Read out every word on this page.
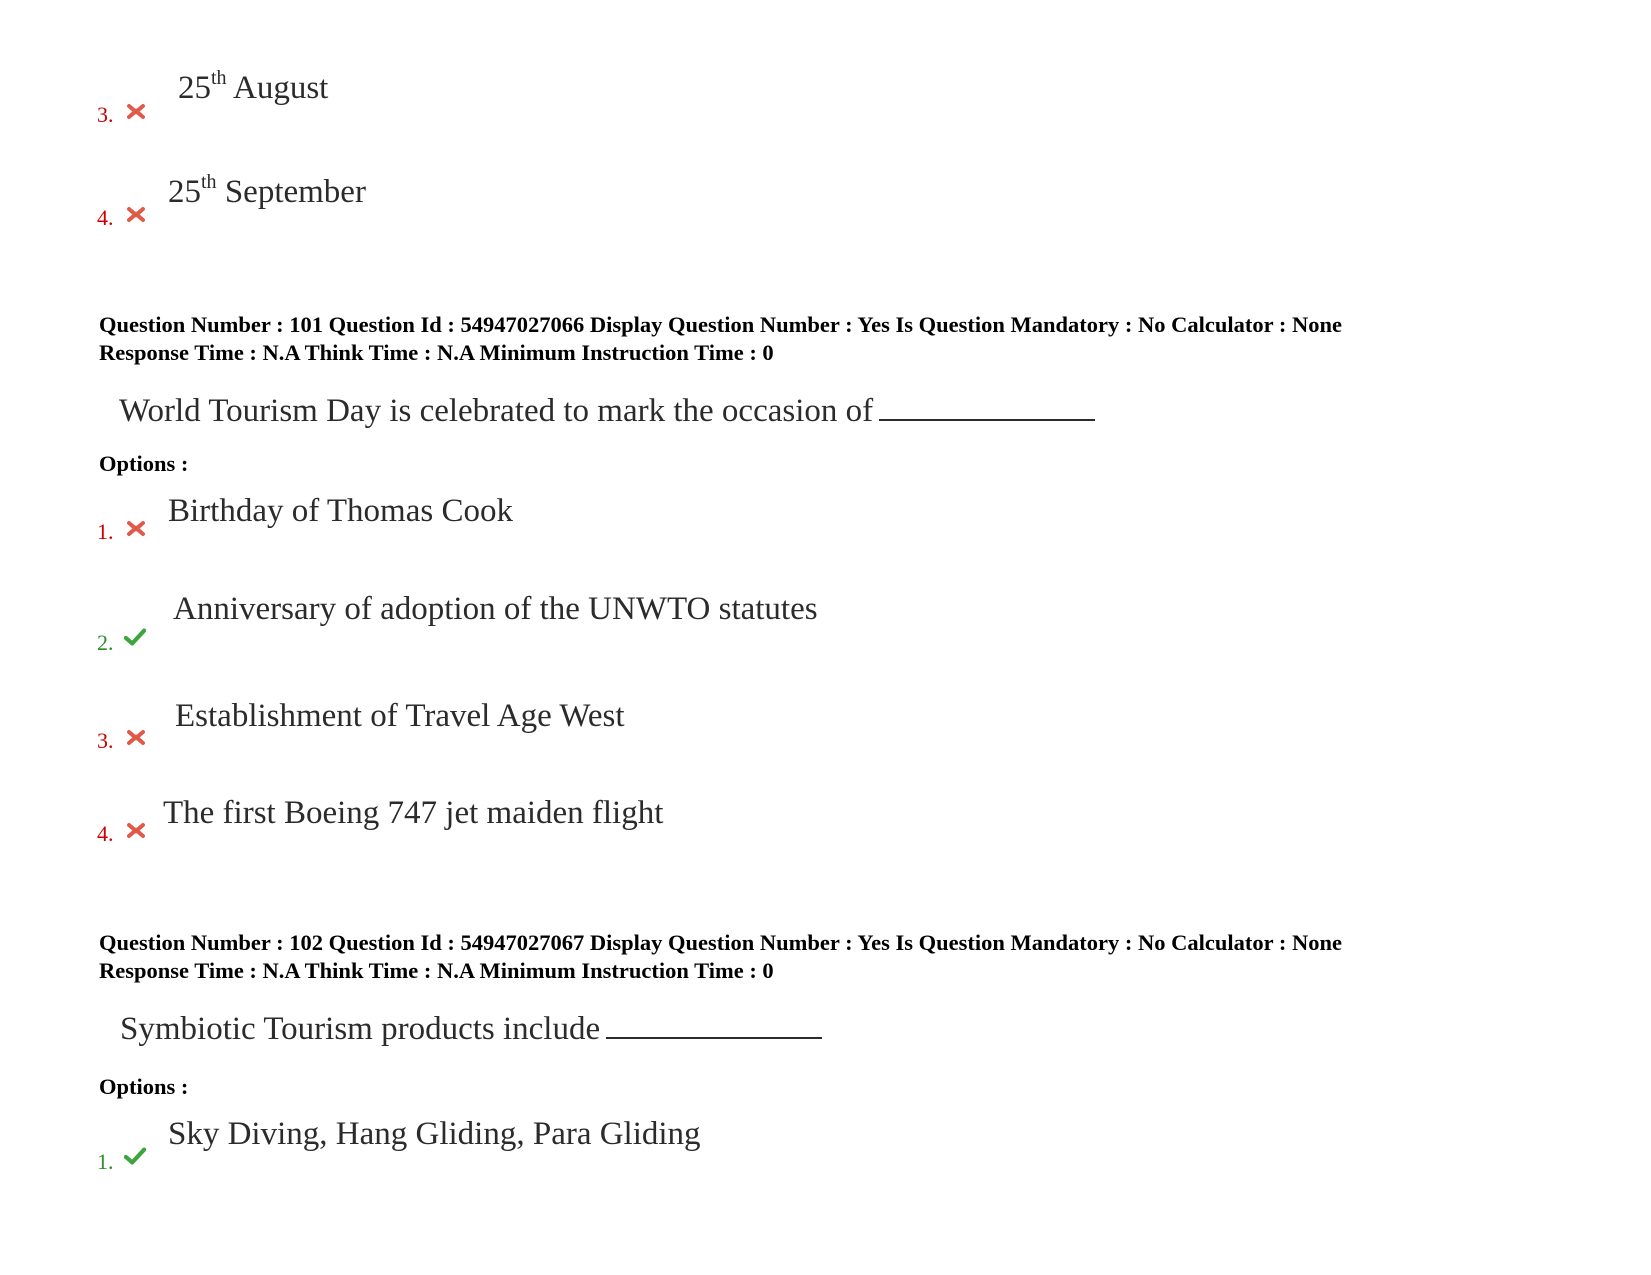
3.
25th August
4.
25th September
Question Number : 101 Question Id : 54947027066 Display Question Number : Yes Is Question Mandatory : No Calculator : None
Response Time : N.A Think Time : N.A Minimum Instruction Time : 0
World Tourism Day is celebrated to mark the occasion of
Options :
1.
Birthday of Thomas Cook
2.
Anniversary of adoption of the UNWTO statutes
3.
Establishment of Travel Age West
4.
The first Boeing 747 jet maiden flight
Question Number : 102 Question Id : 54947027067 Display Question Number : Yes Is Question Mandatory : No Calculator : None
Response Time : N.A Think Time : N.A Minimum Instruction Time : 0
Symbiotic Tourism products include
Options :
1.
Sky Diving, Hang Gliding, Para Gliding
